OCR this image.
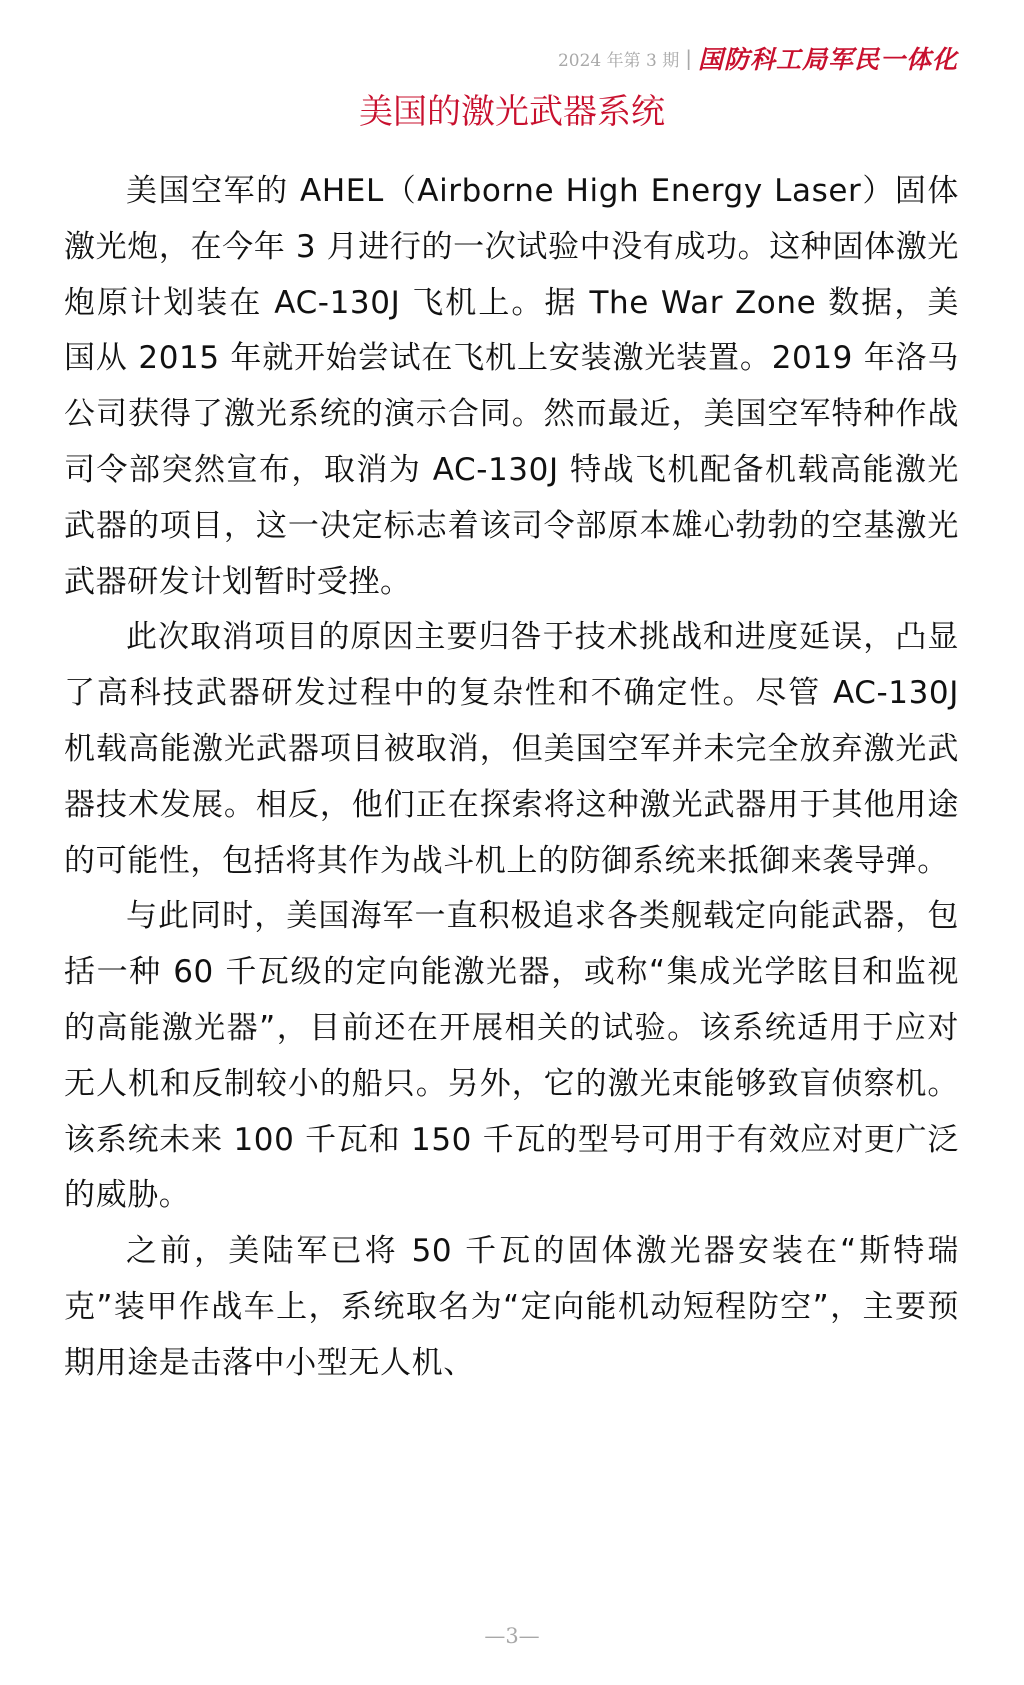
2024 年第 3 期 | 国防科工局军民一体化
美国的激光武器系统

美国空军的 AHEL（Airborne High Energy Laser）固体激光炮，在今年 3 月进行的一次试验中没有成功。这种固体激光炮原计划装在 AC-130J 飞机上。据 The War Zone 数据，美国从 2015 年就开始尝试在飞机上安装激光装置。2019 年洛马公司获得了激光系统的演示合同。然而最近，美国空军特种作战司令部突然宣布，取消为 AC-130J 特战飞机配备机载高能激光武器的项目，这一决定标志着该司令部原本雄心勃勃的空基激光武器研发计划暂时受挫。

此次取消项目的原因主要归咎于技术挑战和进度延误，凸显了高科技武器研发过程中的复杂性和不确定性。尽管 AC-130J 机载高能激光武器项目被取消，但美国空军并未完全放弃激光武器技术发展。相反，他们正在探索将这种激光武器用于其他用途的可能性，包括将其作为战斗机上的防御系统来抵御来袭导弹。

与此同时，美国海军一直积极追求各类舰载定向能武器，包括一种 60 千瓦级的定向能激光器，或称“集成光学眩目和监视的高能激光器”，目前还在开展相关的试验。该系统适用于应对无人机和反制较小的船只。另外，它的激光束能够致盲侦察机。该系统未来 100 千瓦和 150 千瓦的型号可用于有效应对更广泛的威胁。

之前，美陆军已将 50 千瓦的固体激光器安装在“斯特瑞克”装甲作战车上，系统取名为“定向能机动短程防空”，主要预期用途是击落中小型无人机、

—3—
